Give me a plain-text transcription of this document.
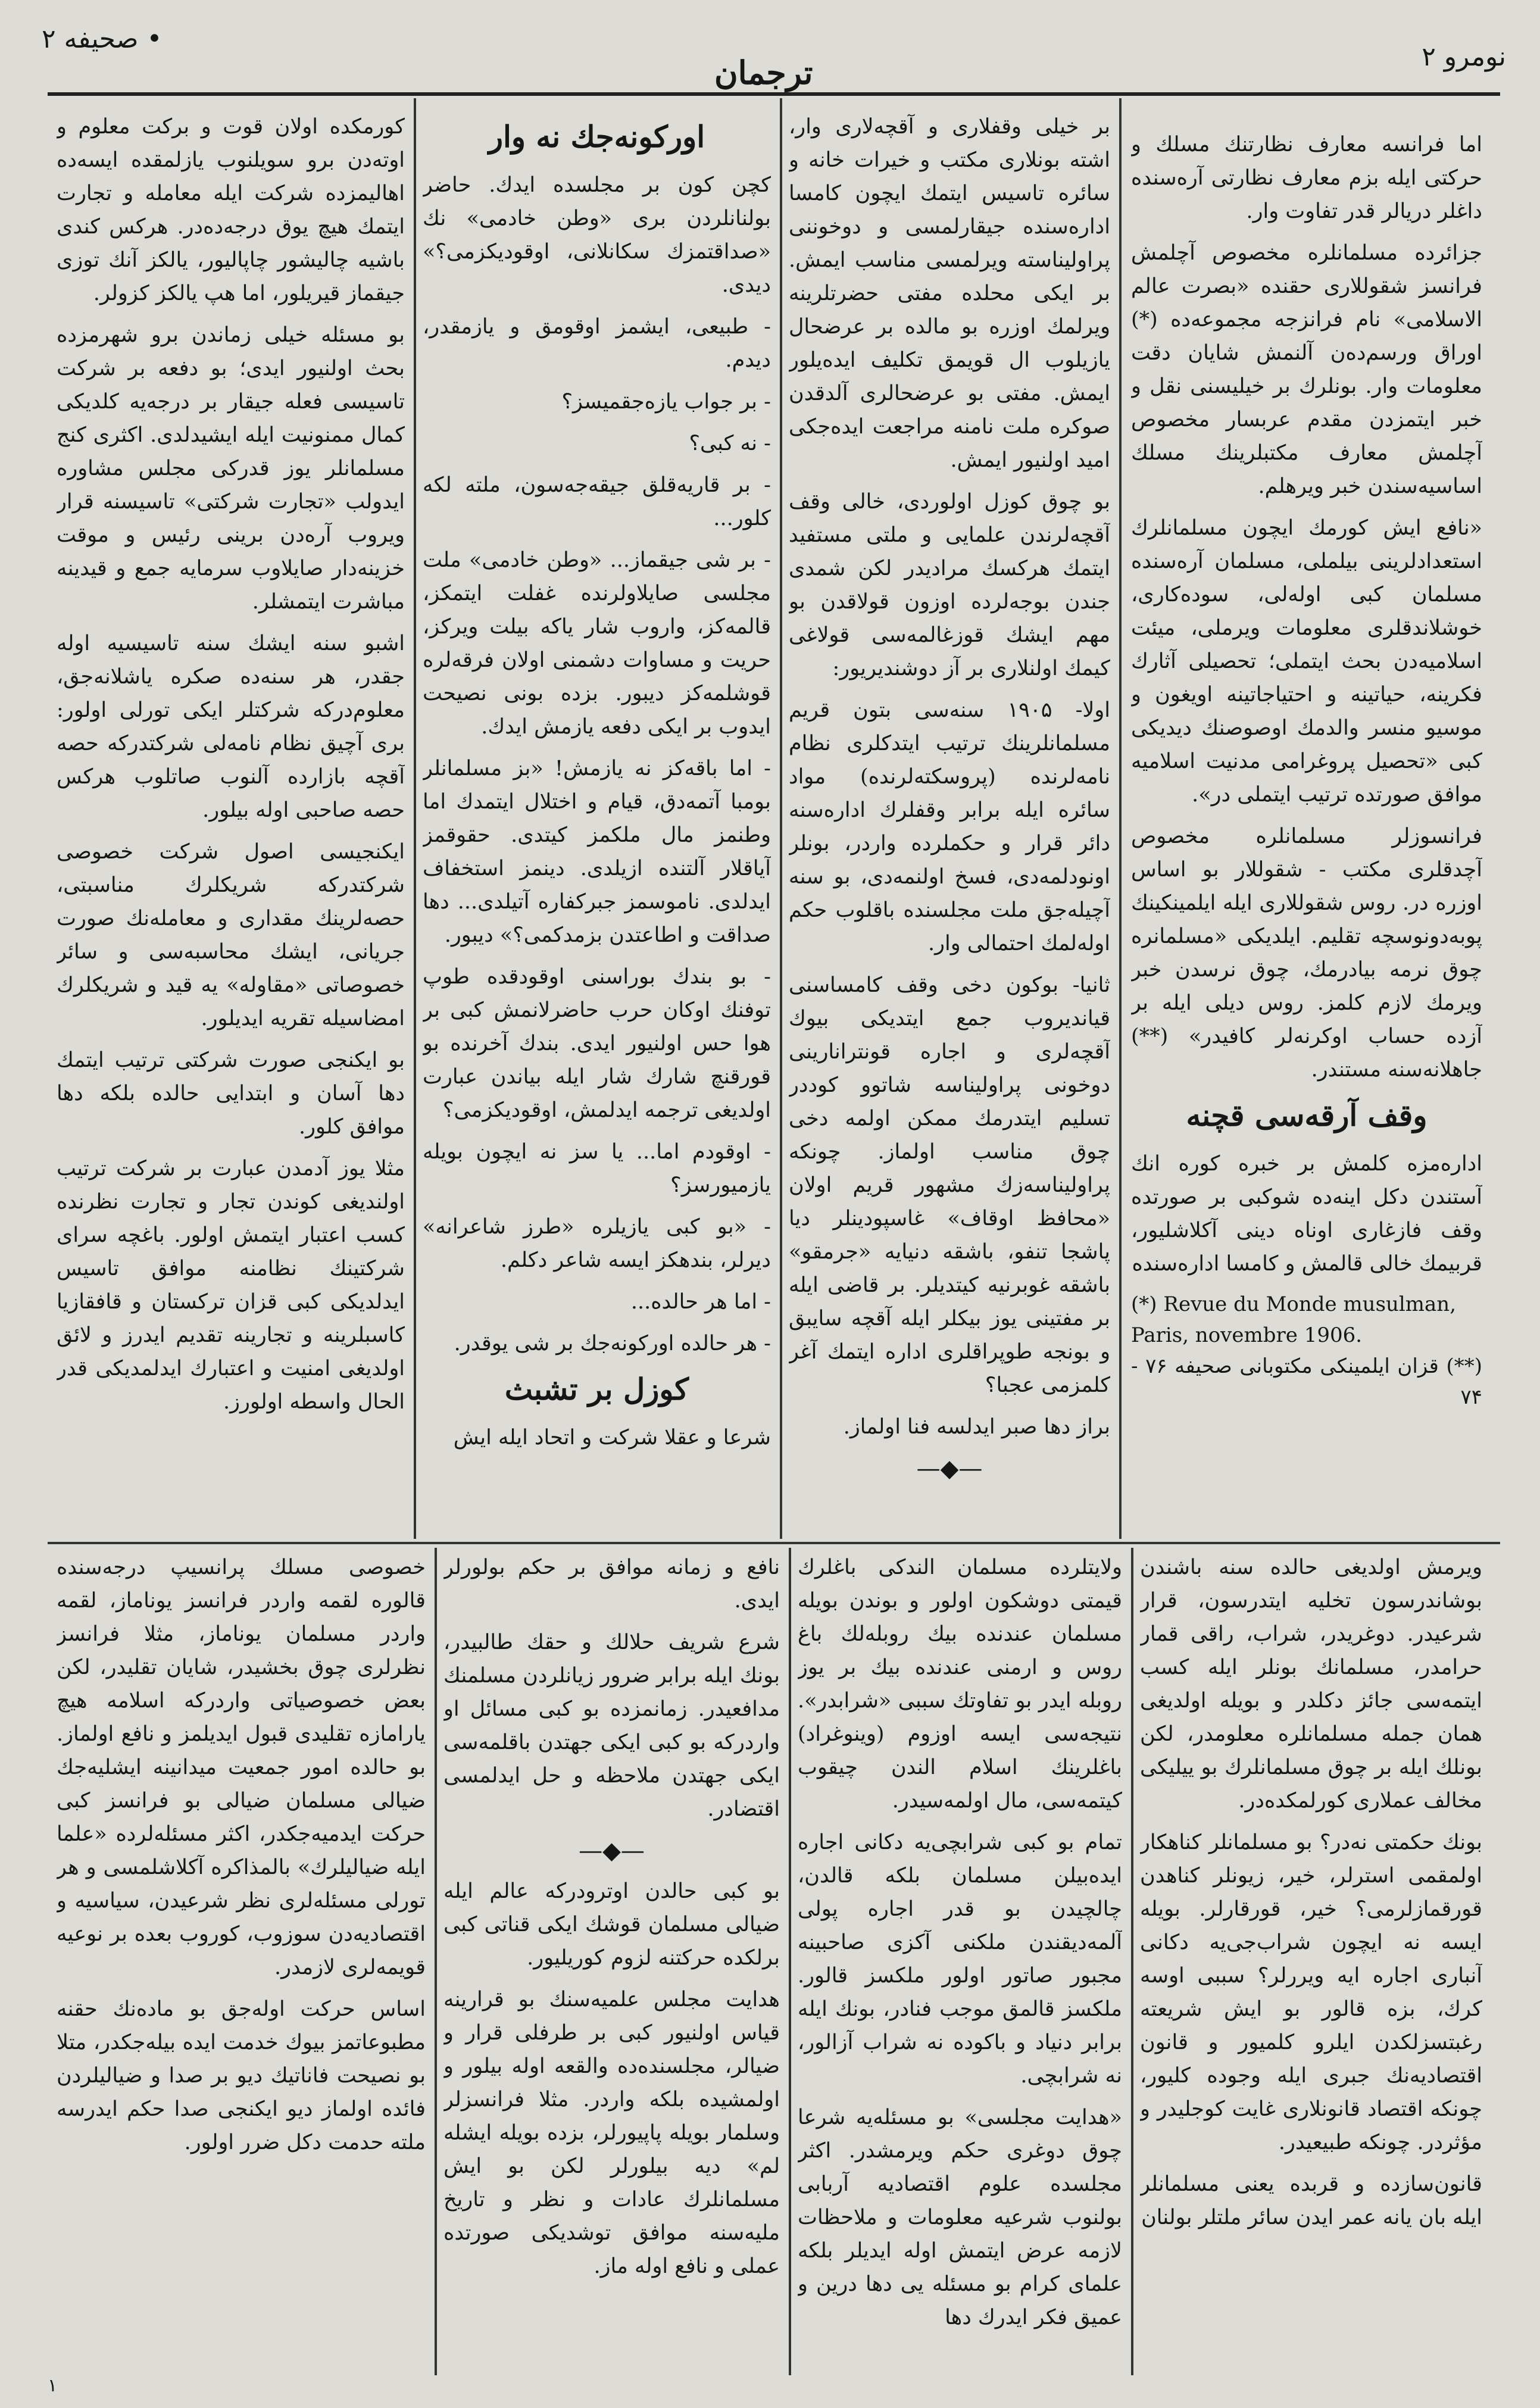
• صحیفه ۲
ترجمان	نومرو ۲

اما فرانسه معارف نظارتنك مسلك و حرکتی ایله بزم معارف نظارتی آره‌سنده داغلر دریالر قدر تفاوت وار.

جزائرده مسلمانلره مخصوص آچلمش فرانسز شقوللاری حقنده «بصرت عالم الاسلامی» نام فرانزجه مجموعه‌ده (*) اوراق ورسم‌ده‌ن آلنمش شایان دقت معلومات وار. بونلرك بر خیلیسنی نقل و خبر ایتمزدن مقدم عربسار مخصوص آچلمش معارف مکتبلرینك مسلك اساسیه‌سندن خبر ویرهلم.

«نافع ایش کورمك ایچون مسلمانلرك استعدادلرینی بیلملی، مسلمان آره‌سنده مسلمان کبی اوله‌لی، سوده‌کاری، خوشلاندقلری معلومات ویرملی، میئت اسلامیه‌دن بحث ایتملی؛ تحصیلی آثارك فکرینه، حیاتینه و احتیاجاتینه اویغون و موسیو منسر والدمك اوصوصنك دیدیکی کبی «تحصیل پروغرامی مدنیت اسلامیه موافق صورتده ترتیب ایتملی در».

فرانسوزلر مسلمانلره مخصوص آچدقلری مکتب - شقوللار بو اساس اوزره در. روس شقوللاری ایله ایلمینکینك پوبه‌دونوسچه تقلیم. ایلدیکی «مسلمانره چوق نرمه بیادرمك، چوق نرسدن خبر ویرمك لازم کلمز. روس دیلی ایله بر آزده حساب اوکرنه‌لر کافیدر» (**) جاهلانه‌سنه مستندر.

وقف آرقه‌سی قچنه

اداره‌مزه کلمش بر خبره کوره انك آستندن دکل اینه‌ده شوکبی بر صورتده وقف فازغاری اوناه دینی آکلاشلیور، قربیمك خالی قالمش و کامسا اداره‌سنده

(*) Revue du Monde musulman, Paris, novembre 1906.
(**) قزان ایلمینکی مکتوبانی صحیفه ۷۶ - ۷۴

بر خیلی وقفلاری و آقچه‌لاری وار، اشته بونلاری مکتب و خیرات خانه و سائره تاسیس ایتمك ایچون کامسا اداره‌سنده جیقارلمسی و دوخوننی پراولیناسته ویرلمسی مناسب ایمش. بر ایکی محلده مفتی حضرتلرینه ویرلمك اوزره بو مالده بر عرضحال یازیلوب ال قویمق تکلیف ایده‌یلور ایمش. مفتی بو عرضحالری آلدقدن صوکره ملت نامنه مراجعت ایده‌جکی امید اولنیور ایمش.

بو چوق کوزل اولوردی، خالی وقف آقچه‌لرندن علمایی و ملتی مستفید ایتمك هرکسك مرادیدر لکن شمدی جندن بوجه‌لرده اوزون قولاقدن بو مهم ایشك قوزغالمه‌سی قولاغی کیمك اولنلاری بر آز دوشندیریور:

اولا- ۱۹۰۵ سنه‌سی بتون قریم مسلمانلرینك ترتیب ایتدکلری نظام نامه‌لرنده (پروسکته‌لرنده) مواد سائره ایله برابر وقفلرك اداره‌سنه دائر قرار و حکملرده واردر، بونلر اونودلمه‌دی، فسخ اولنمه‌دی، بو سنه آچیله‌جق ملت مجلسنده باقلوب حکم اوله‌لمك احتمالی وار.

ثانیا- بوکون دخی وقف کامسا‌سنی قیاندیروب جمع ایتدیکی بیوك آقچه‌لری و اجاره قونترانارینی دوخونی پراولیناسه شاتوو کوددر تسلیم ایتدرمك ممکن اولمه دخی چوق مناسب اولماز. چونکه پراولیناسه‌زك مشهور قریم اولان «محافظ اوقاف» غاسپودینلر دیا پاشجا تنفو، باشقه دنیایه «جرمقو» باشقه غوبرنیه کیتدیلر. بر قاضی ایله بر مفتینی یوز بیکلر ایله آقچه سایبق و بونجه طوپراقلری اداره ایتمك آغر کلمزمی عجبا؟

براز دها صبر ایدلسه فنا اولماز.

—◆—
اورکونه‌جك نه وار

کچن کون بر مجلسده ایدك. حاضر بولنانلردن بری «وطن خادمی» نك «صداقتمزك سکانلانی، اوقودیکزمی؟» دیدی.

- طبیعی، ایشمز اوقومق و یازمقدر، دیدم.

- بر جواب یازه‌جقمیسز؟

- نه کبی؟

- بر قاریه‌قلق جیقه‌جه‌سون، ملته لکه کلور...

- بر شی جیقماز... «وطن خادمی» ملت مجلسی صایلاولرنده غفلت ایتمکز، قالمه‌کز، واروب شار یاکه بیلت ویرکز، حریت و مساوات دشمنی اولان فرقه‌لره قوشلمه‌کز دیبور. بزده بونی نصیحت ایدوب بر ایکی دفعه یازمش ایدك.

- اما باقه‌کز نه یازمش! «بز مسلمانلر بومبا آتمه‌دق، قیام و اختلال ایتمدك اما وطنمز مال ملکمز کیتدی. حقوقمز آیاقلار آلتنده ازیلدی. دینمز استخفاف ایدلدی. ناموسمز جبرکفاره آتیلدی... دها صداقت و اطاعتدن بزمدکمی؟» دیبور.

- بو بندك بوراسنی اوقودقده طوپ توفنك اوکان حرب حاضرلانمش کبی بر هوا حس اولنیور ایدی. بندك آخرنده بو قورقنچ شارك شار ایله بیاندن عبارت اولدیغی ترجمه ایدلمش، اوقودیکزمی؟

- اوقودم اما... یا سز نه ایچون بویله یازمیورسز؟

- «بو کبی یازیلره «طرز شاعرانه» دیرلر، بندهکز ایسه شاعر دکلم.

- اما هر حالده...

- هر حالده اورکونه‌جك بر شی یوقدر.

کوزل بر تشبث

شرعا و عقلا شرکت و اتحاد ایله ایش

کورمکده اولان قوت و برکت معلوم و اوته‌دن برو سویلنوب یازلمقده ایسه‌ده اهالیمزده شرکت ایله معامله و تجارت ایتمك هیچ یوق درجه‌ده‌در. هرکس کندی باشیه چالیشور چاپالیور، یالکز آنك توزی جیقماز قیریلور، اما هپ یالکز کزولر.

بو مسئله خیلی زماندن برو شهرمزده بحث اولنیور ایدی؛ بو دفعه بر شرکت تاسیسی فعله جیقار بر درجه‌یه کلدیکی کمال ممنونیت ایله ایشیدلدی. اکثری کنج مسلمانلر یوز قدرکی مجلس مشاوره ایدولب «تجارت شرکتی» تاسیسنه قرار ویروب آره‌دن برینی رئیس و موقت خزینه‌دار صایلاوب سرمایه جمع و قیدینه مباشرت ایتمشلر.

اشبو سنه ایشك سنه تاسیسیه اوله جقدر، هر سنه‌ده صکره یاشلانه‌جق، معلوم‌درکه شرکتلر ایکی تورلی اولور: بری آچیق نظام نامه‌لی شرکتدرکه حصه آقچه بازارده آلنوب صاتلوب هرکس حصه صاحبی اوله بیلور.

ایکنجیسی اصول شرکت خصوصی شرکتدرکه شریکلرك مناسبتی، حصه‌لرینك مقداری و معامله‌نك صورت جریانی، ایشك محاسبه‌سی و سائر خصوصاتی «مقاوله» یه قید و شریکلرك امضاسیله تقریه ایدیلور.

بو ایکنجی صورت شرکتی ترتیب ایتمك دها آسان و ابتدایی حالده بلکه دها موافق کلور.

مثلا یوز آدمدن عبارت بر شرکت ترتیب اولندیغی کوندن تجار و تجارت نظرنده کسب اعتبار ایتمش اولور. باغچه سرای شرکتینك نظامنه موافق تاسیس ایدلدیکی کبی قزان ترکستان و قافقازیا کاسبلرینه و تجارینه تقدیم ایدرز و لائق اولدیغی امنیت و اعتبارك ایدلمدیکی قدر الحال واسطه اولورز.

ویرمش اولدیغی حالده سنه باشندن بوشاندرسون تخلیه ایتدرسون، قرار شرعیدر. دوغریدر، شراب، راقی قمار حرامدر، مسلمانك بونلر ایله کسب ایتمه‌سی جائز دکلدر و بویله اولدیغی همان جمله مسلمانلره معلومدر، لکن بونلك ایله بر چوق مسلمانلرك بو ییلیکی مخالف عملاری کورلمکده‌در.

بونك حکمتی نه‌در؟ بو مسلمانلر کناهکار اولمقمی استرلر، خیر، زیونلر کناهدن قورقمازلرمی؟ خیر، قورقارلر. بویله ایسه نه ایچون شراب‌جی‌یه دکانی آنباری اجاره ایه ویررلر؟ سببی اوسه کرك، بزه قالور بو ایش شریعته رغبتسزلکدن ایلرو کلمیور و قانون اقتصادیه‌نك جبری ایله وجوده کلیور، چونکه اقتصاد قانونلاری غایت کوجلیدر و مؤثردر. چونکه طبیعیدر.

قانون‌سازده و قربده یعنی مسلمانلر ایله بان یانه عمر ایدن سائر ملتلر بولنان

ولایتلرده مسلمان الندکی باغلرك قیمتی دوشکون اولور و بوندن بویله مسلمان عندنده بیك روبله‌لك باغ روس و ارمنی عندنده بیك بر یوز روبله ایدر بو تفاوتك سببی «شرابدر». نتیجه‌سی ایسه اوزوم (وینوغراد) باغلرینك اسلام الندن چیقوب کیتمه‌سی، مال اولمه‌سیدر.

تمام بو کبی شرابچی‌یه دکانی اجاره ایده‌بیلن مسلمان بلکه قالدن، چالچیدن بو قدر اجاره پولی آلمه‌دیقندن ملکنی آکزی صاحبینه مجبور صاتور اولور ملکسز قالور. ملکسز قالمق موجب فنادر، بونك ایله برابر دنیاد و باکوده نه شراب آزالور، نه شرابچی.

«هدایت مجلسی» بو مسئله‌یه شرعا چوق دوغری حکم ویرمشدر. اکثر مجلسده علوم اقتصادیه آربابی بولنوب شرعیه معلومات و ملاحظات لازمه عرض ایتمش اوله ایدیلر بلکه علمای کرام بو مسئله یی دها درین و عمیق فکر ایدرك دها

نافع و زمانه موافق بر حکم بولورلر ایدی.

شرع شریف حلالك و حقك طالبیدر، بونك ایله برابر ضرور زیانلردن مسلمنك مدافعیدر. زمانمزده بو کبی مسائل او واردرکه بو کبی ایکی جهتدن باقلمه‌سی ایکی جهتدن ملاحظه و حل ایدلمسی اقتضادر.

—◆—

بو کبی حالدن اوترودرکه عالم ایله ضیالی مسلمان قوشك ایکی قناتی کبی برلکده حرکتنه لزوم کوریلیور.

هدایت مجلس علمیه‌سنك بو قرارینه قیاس اولنیور کبی بر طرفلی قرار و ضیالر، مجلسنده‌ده والقعه اوله بیلور و اولمشیده بلکه واردر. مثلا فرانسزلر وسلمار بویله پاپیورلر، بزده بویله ایشله لم» دیه بیلورلر لکن بو ایش مسلمانلرك عادات و نظر و تاریخ ملیه‌سنه موافق توشدیکی صورتده عملی و نافع اوله ماز.

خصوصی مسلك پرانسیپ درجه‌سنده قالوره لقمه واردر فرانسز یوناماز، لقمه واردر مسلمان یوناماز، مثلا فرانسز نظرلری چوق بخشیدر، شایان تقلیدر، لکن بعض خصوصیاتی واردرکه اسلامه هیچ یارامازه تقلیدی قبول ایدیلمز و نافع اولماز. بو حالده امور جمعیت میدانینه ایشلیه‌جك ضیالی مسلمان ضیالی بو فرانسز کبی حرکت ایدمیه‌جکدر، اکثر مسئله‌لرده «علما ایله ضیالیلرك» بالمذاکره آکلاشلمسی و هر تورلی مسئله‌لری نظر شرعیدن، سیاسیه و اقتصادیه‌دن سوزوب، کوروب بعده بر نوعیه قویمه‌لری لازمدر.

اساس حرکت اوله‌جق بو ماده‌نك حقنه مطبوعاتمز بیوك خدمت ایده بیله‌جکدر، متلا بو نصیحت فاناتیك دیو بر صدا و ضیالیلردن فائده اولماز دیو ایکنجی صدا حکم ایدرسه ملته حدمت دکل ضرر اولور.

١
